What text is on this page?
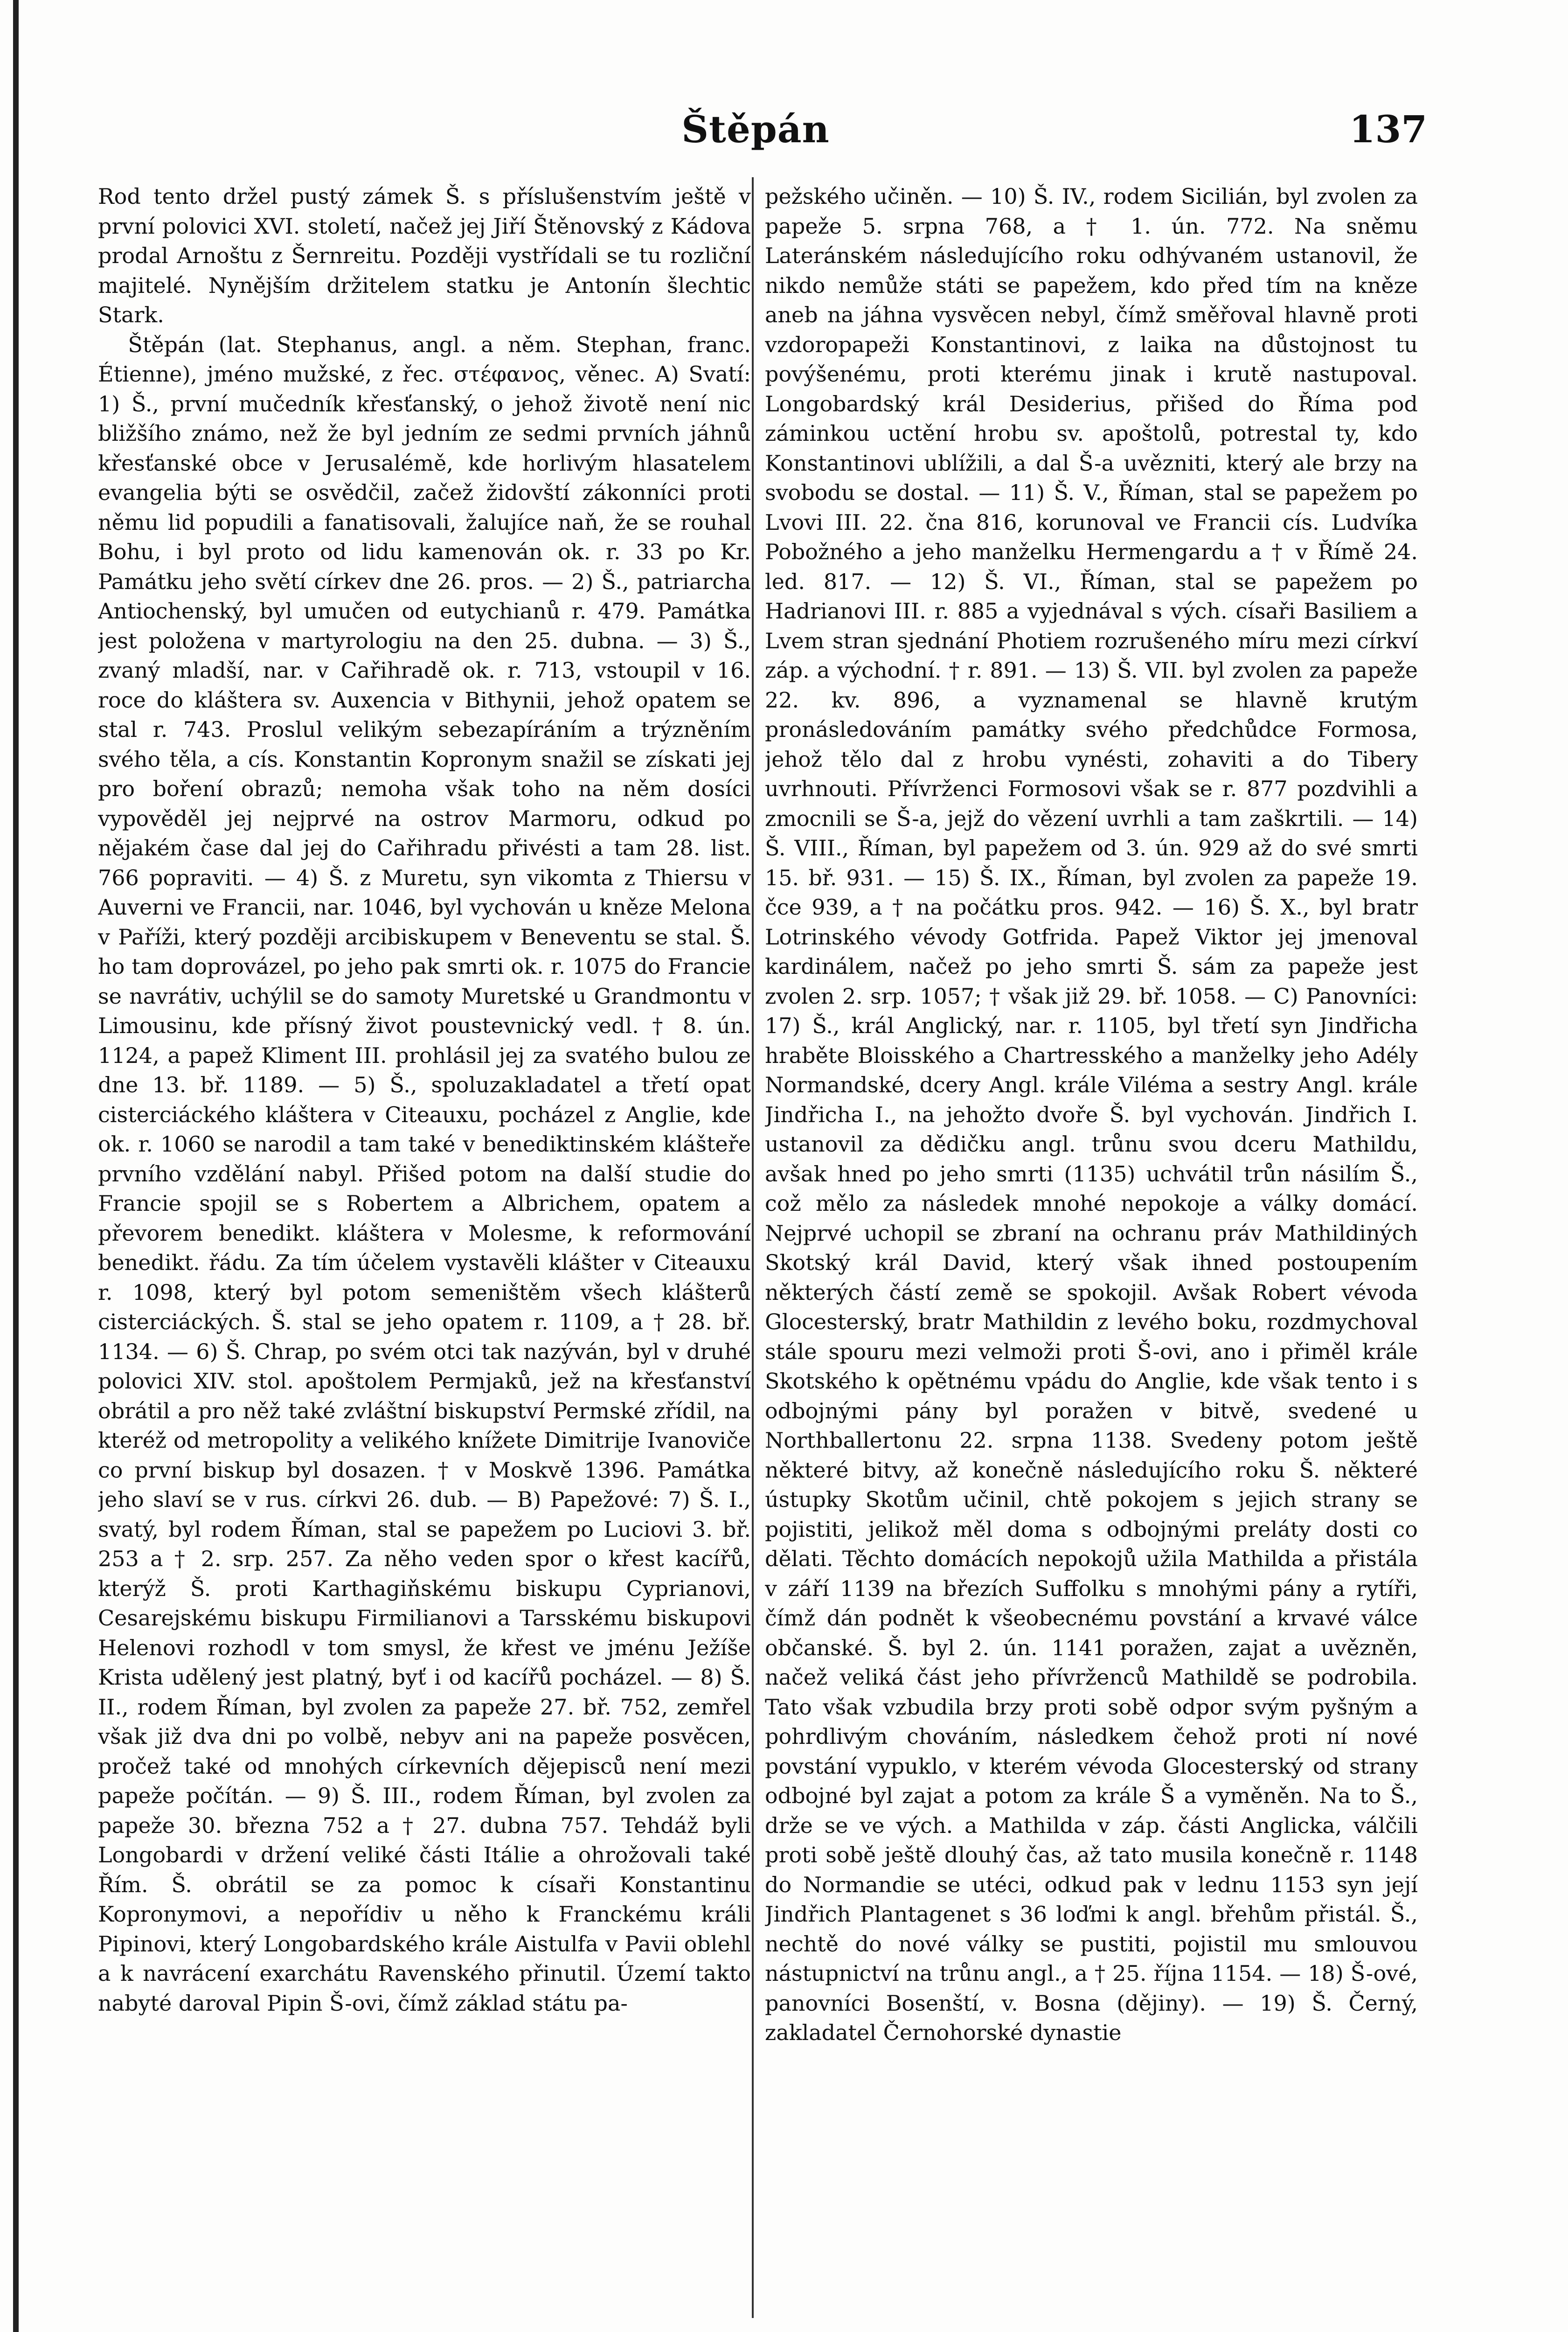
Štěpán	137

Rod tento držel pustý zámek Š. s příslušenstvím ještě v první polovici XVI. století, načež jej Jiří Štěnovský z Kádova prodal Arnoštu z Šernreitu. Později vystřídali se tu rozliční majitelé. Nynějším držitelem statku je Antonín šlechtic Stark.

Štěpán (lat. Stephanus, angl. a něm. Stephan, franc. Étienne), jméno mužské, z řec. στέφανος, věnec. A) Svatí: 1) Š., první mučedník křesťanský, o jehož životě není nic bližšího známo, než že byl jedním ze sedmi prvních jáhnů křesťanské obce v Jerusalémě, kde horlivým hlasatelem evangelia býti se osvědčil, začež židovští zákonníci proti němu lid popudili a fanatisovali, žalujíce naň, že se rouhal Bohu, i byl proto od lidu kamenován ok. r. 33 po Kr. Památku jeho světí církev dne 26. pros. — 2) Š., patriarcha Antiochenský, byl umučen od eutychianů r. 479. Památka jest položena v martyrologiu na den 25. dubna. — 3) Š., zvaný mladší, nar. v Cařihradě ok. r. 713, vstoupil v 16. roce do kláštera sv. Auxencia v Bithynii, jehož opatem se stal r. 743. Proslul velikým sebezapíráním a trýzněním svého těla, a cís. Konstantin Kopronym snažil se získati jej pro boření obrazů; nemoha však toho na něm dosíci vypověděl jej nejprvé na ostrov Marmoru, odkud po nějakém čase dal jej do Cařihradu přivésti a tam 28. list. 766 popraviti. — 4) Š. z Muretu, syn vikomta z Thiersu v Auverni ve Francii, nar. 1046, byl vychován u kněze Melona v Paříži, který později arcibiskupem v Beneventu se stal. Š. ho tam doprovázel, po jeho pak smrti ok. r. 1075 do Francie se navrátiv, uchýlil se do samoty Muretské u Grandmontu v Limousinu, kde přísný život poustevnický vedl. † 8. ún. 1124, a papež Kliment III. prohlásil jej za svatého bulou ze dne 13. bř. 1189. — 5) Š., spoluzakladatel a třetí opat cisterciáckého kláštera v Citeauxu, pocházel z Anglie, kde ok. r. 1060 se narodil a tam také v benediktinském klášteře prvního vzdělání nabyl. Přišed potom na další studie do Francie spojil se s Robertem a Albrichem, opatem a převorem benedikt. kláštera v Molesme, k reformování benedikt. řádu. Za tím účelem vystavěli klášter v Citeauxu r. 1098, který byl potom semeništěm všech klášterů cisterciáckých. Š. stal se jeho opatem r. 1109, a † 28. bř. 1134. — 6) Š. Chrap, po svém otci tak nazýván, byl v druhé polovici XIV. stol. apoštolem Permjaků, jež na křesťanství obrátil a pro něž také zvláštní biskupství Permské zřídil, na kteréž od metropolity a velikého knížete Dimitrije Ivanoviče co první biskup byl dosazen. † v Moskvě 1396. Památka jeho slaví se v rus. církvi 26. dub. — B) Papežové: 7) Š. I., svatý, byl rodem Říman, stal se papežem po Luciovi 3. bř. 253 a † 2. srp. 257. Za něho veden spor o křest kacířů, kterýž Š. proti Karthagiňskému biskupu Cyprianovi, Cesarejskému biskupu Firmilianovi a Tarsskému biskupovi Helenovi rozhodl v tom smysl, že křest ve jménu Ježíše Krista udělený jest platný, byť i od kacířů pocházel. — 8) Š. II., rodem Říman, byl zvolen za papeže 27. bř. 752, zemřel však již dva dni po volbě, nebyv ani na papeže posvěcen, pročež také od mnohých církevních dějepisců není mezi papeže počítán. — 9) Š. III., rodem Říman, byl zvolen za papeže 30. března 752 a † 27. dubna 757. Tehdáž byli Longobardi v držení veliké části Itálie a ohrožovali také Řím. Š. obrátil se za pomoc k císaři Konstantinu Kopronymovi, a nepořídiv u něho k Franckému králi Pipinovi, který Longobardského krále Aistulfa v Pavii oblehl a k navrácení exarchátu Ravenského přinutil. Území takto nabyté daroval Pipin Š-ovi, čímž základ státu pa-

pežského učiněn. — 10) Š. IV., rodem Sicilián, byl zvolen za papeže 5. srpna 768, a † 1. ún. 772. Na sněmu Lateránském následujícího roku odhývaném ustanovil, že nikdo nemůže státi se papežem, kdo před tím na kněze aneb na jáhna vysvěcen nebyl, čímž směřoval hlavně proti vzdoropapeži Konstantinovi, z laika na důstojnost tu povýšenému, proti kterému jinak i krutě nastupoval. Longobardský král Desiderius, přišed do Říma pod záminkou uctění hrobu sv. apoštolů, potrestal ty, kdo Konstantinovi ublížili, a dal Š-a uvězniti, který ale brzy na svobodu se dostal. — 11) Š. V., Říman, stal se papežem po Lvovi III. 22. čna 816, korunoval ve Francii cís. Ludvíka Pobožného a jeho manželku Hermengardu a † v Římě 24. led. 817. — 12) Š. VI., Říman, stal se papežem po Hadrianovi III. r. 885 a vyjednával s vých. císaři Basiliem a Lvem stran sjednání Photiem rozrušeného míru mezi církví záp. a východní. † r. 891. — 13) Š. VII. byl zvolen za papeže 22. kv. 896, a vyznamenal se hlavně krutým pronásledováním památky svého předchůdce Formosa, jehož tělo dal z hrobu vynésti, zohaviti a do Tibery uvrhnouti. Přívrženci Formosovi však se r. 877 pozdvihli a zmocnili se Š-a, jejž do vězení uvrhli a tam zaškrtili. — 14) Š. VIII., Říman, byl papežem od 3. ún. 929 až do své smrti 15. bř. 931. — 15) Š. IX., Říman, byl zvolen za papeže 19. čce 939, a † na počátku pros. 942. — 16) Š. X., byl bratr Lotrinského vévody Gotfrida. Papež Viktor jej jmenoval kardinálem, načež po jeho smrti Š. sám za papeže jest zvolen 2. srp. 1057; † však již 29. bř. 1058. — C) Panovníci: 17) Š., král Anglický, nar. r. 1105, byl třetí syn Jindřicha hraběte Bloisského a Chartresského a manželky jeho Adély Normandské, dcery Angl. krále Viléma a sestry Angl. krále Jindřicha I., na jehožto dvoře Š. byl vychován. Jindřich I. ustanovil za dědičku angl. trůnu svou dceru Mathildu, avšak hned po jeho smrti (1135) uchvátil trůn násilím Š., což mělo za následek mnohé nepokoje a války domácí. Nejprvé uchopil se zbraní na ochranu práv Mathildiných Skotský král David, který však ihned postoupením některých částí země se spokojil. Avšak Robert vévoda Glocesterský, bratr Mathildin z levého boku, rozdmychoval stále spouru mezi velmoži proti Š-ovi, ano i přiměl krále Skotského k opětnému vpádu do Anglie, kde však tento i s odbojnými pány byl poražen v bitvě, svedené u Northballertonu 22. srpna 1138. Svedeny potom ještě některé bitvy, až konečně následujícího roku Š. některé ústupky Skotům učinil, chtě pokojem s jejich strany se pojistiti, jelikož měl doma s odbojnými preláty dosti co dělati. Těchto domácích nepokojů užila Mathilda a přistála v září 1139 na březích Suffolku s mnohými pány a rytíři, čímž dán podnět k všeobecnému povstání a krvavé válce občanské. Š. byl 2. ún. 1141 poražen, zajat a uvězněn, načež veliká část jeho přívrženců Mathildě se podrobila. Tato však vzbudila brzy proti sobě odpor svým pyšným a pohrdlivým chováním, následkem čehož proti ní nové povstání vypuklo, v kterém vévoda Glocesterský od strany odbojné byl zajat a potom za krále Š a vyměněn. Na to Š., drže se ve vých. a Mathilda v záp. části Anglicka, válčili proti sobě ještě dlouhý čas, až tato musila konečně r. 1148 do Normandie se utéci, odkud pak v lednu 1153 syn její Jindřich Plantagenet s 36 loďmi k angl. břehům přistál. Š., nechtě do nové války se pustiti, pojistil mu smlouvou nástupnictví na trůnu angl., a † 25. října 1154. — 18) Š-ové, panovníci Bosenští, v. Bosna (dějiny). — 19) Š. Černý, zakladatel Černohorské dynastie
